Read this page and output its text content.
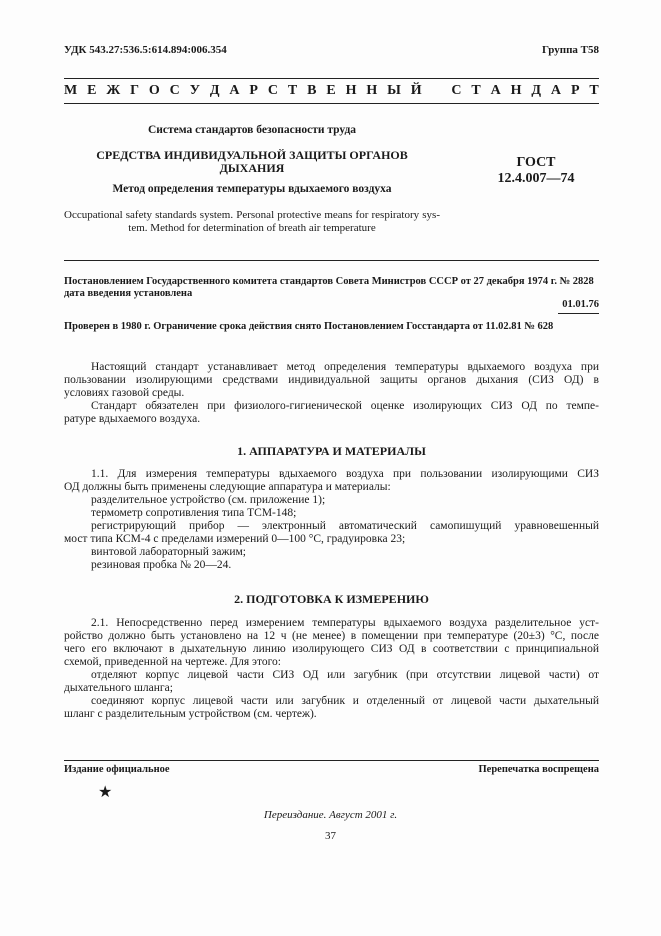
УДК 543.27:536.5:614.894:006.354	Группа Т58
М Е Ж Г О С У Д А Р С Т В Е Н Н Ы Й С Т А Н Д А Р Т
Система стандартов безопасности труда
СРЕДСТВА ИНДИВИДУАЛЬНОЙ ЗАЩИТЫ ОРГАНОВ
ДЫХАНИЯ
Метод определения температуры вдыхаемого воздуха
ГОСТ
12.4.007—74
Occupational safety standards system. Personal protective means for respiratory sys-
tem. Method for determination of breath air temperature
Постановлением Государственного комитета стандартов Совета Министров СССР от 27 декабря 1974 г. № 2828
дата введения установлена
01.01.76
Проверен в 1980 г. Ограничение срока действия снято Постановлением Госстандарта от 11.02.81 № 628
Настоящий стандарт устанавливает метод определения температуры вдыхаемого воздуха при
пользовании изолирующими средствами индивидуальной защиты органов дыхания (СИЗ ОД) в
условиях газовой среды.
Стандарт обязателен при физиолого-гигиенической оценке изолирующих СИЗ ОД по темпе-
ратуре вдыхаемого воздуха.
1. АППАРАТУРА И МАТЕРИАЛЫ
1.1. Для измерения температуры вдыхаемого воздуха при пользовании изолирующими СИЗ
ОД должны быть применены следующие аппаратура и материалы:
разделительное устройство (см. приложение 1);
термометр сопротивления типа ТСМ-148;
регистрирующий прибор — электронный автоматический самопишущий уравновешенный
мост типа КСМ-4 с пределами измерений 0—100 °С, градуировка 23;
винтовой лабораторный зажим;
резиновая пробка № 20—24.
2. ПОДГОТОВКА К ИЗМЕРЕНИЮ
2.1. Непосредственно перед измерением температуры вдыхаемого воздуха разделительное уст-
ройство должно быть установлено на 12 ч (не менее) в помещении при температуре (20±3) °С, после
чего его включают в дыхательную линию изолирующего СИЗ ОД в соответствии с принципиальной
схемой, приведенной на чертеже. Для этого:
отделяют корпус лицевой части СИЗ ОД или загубник (при отсутствии лицевой части) от
дыхательного шланга;
соединяют корпус лицевой части или загубник и отделенный от лицевой части дыхательный
шланг с разделительным устройством (см. чертеж).
Издание официальное	Перепечатка воспрещена
★
Переиздание. Август 2001 г.
37
